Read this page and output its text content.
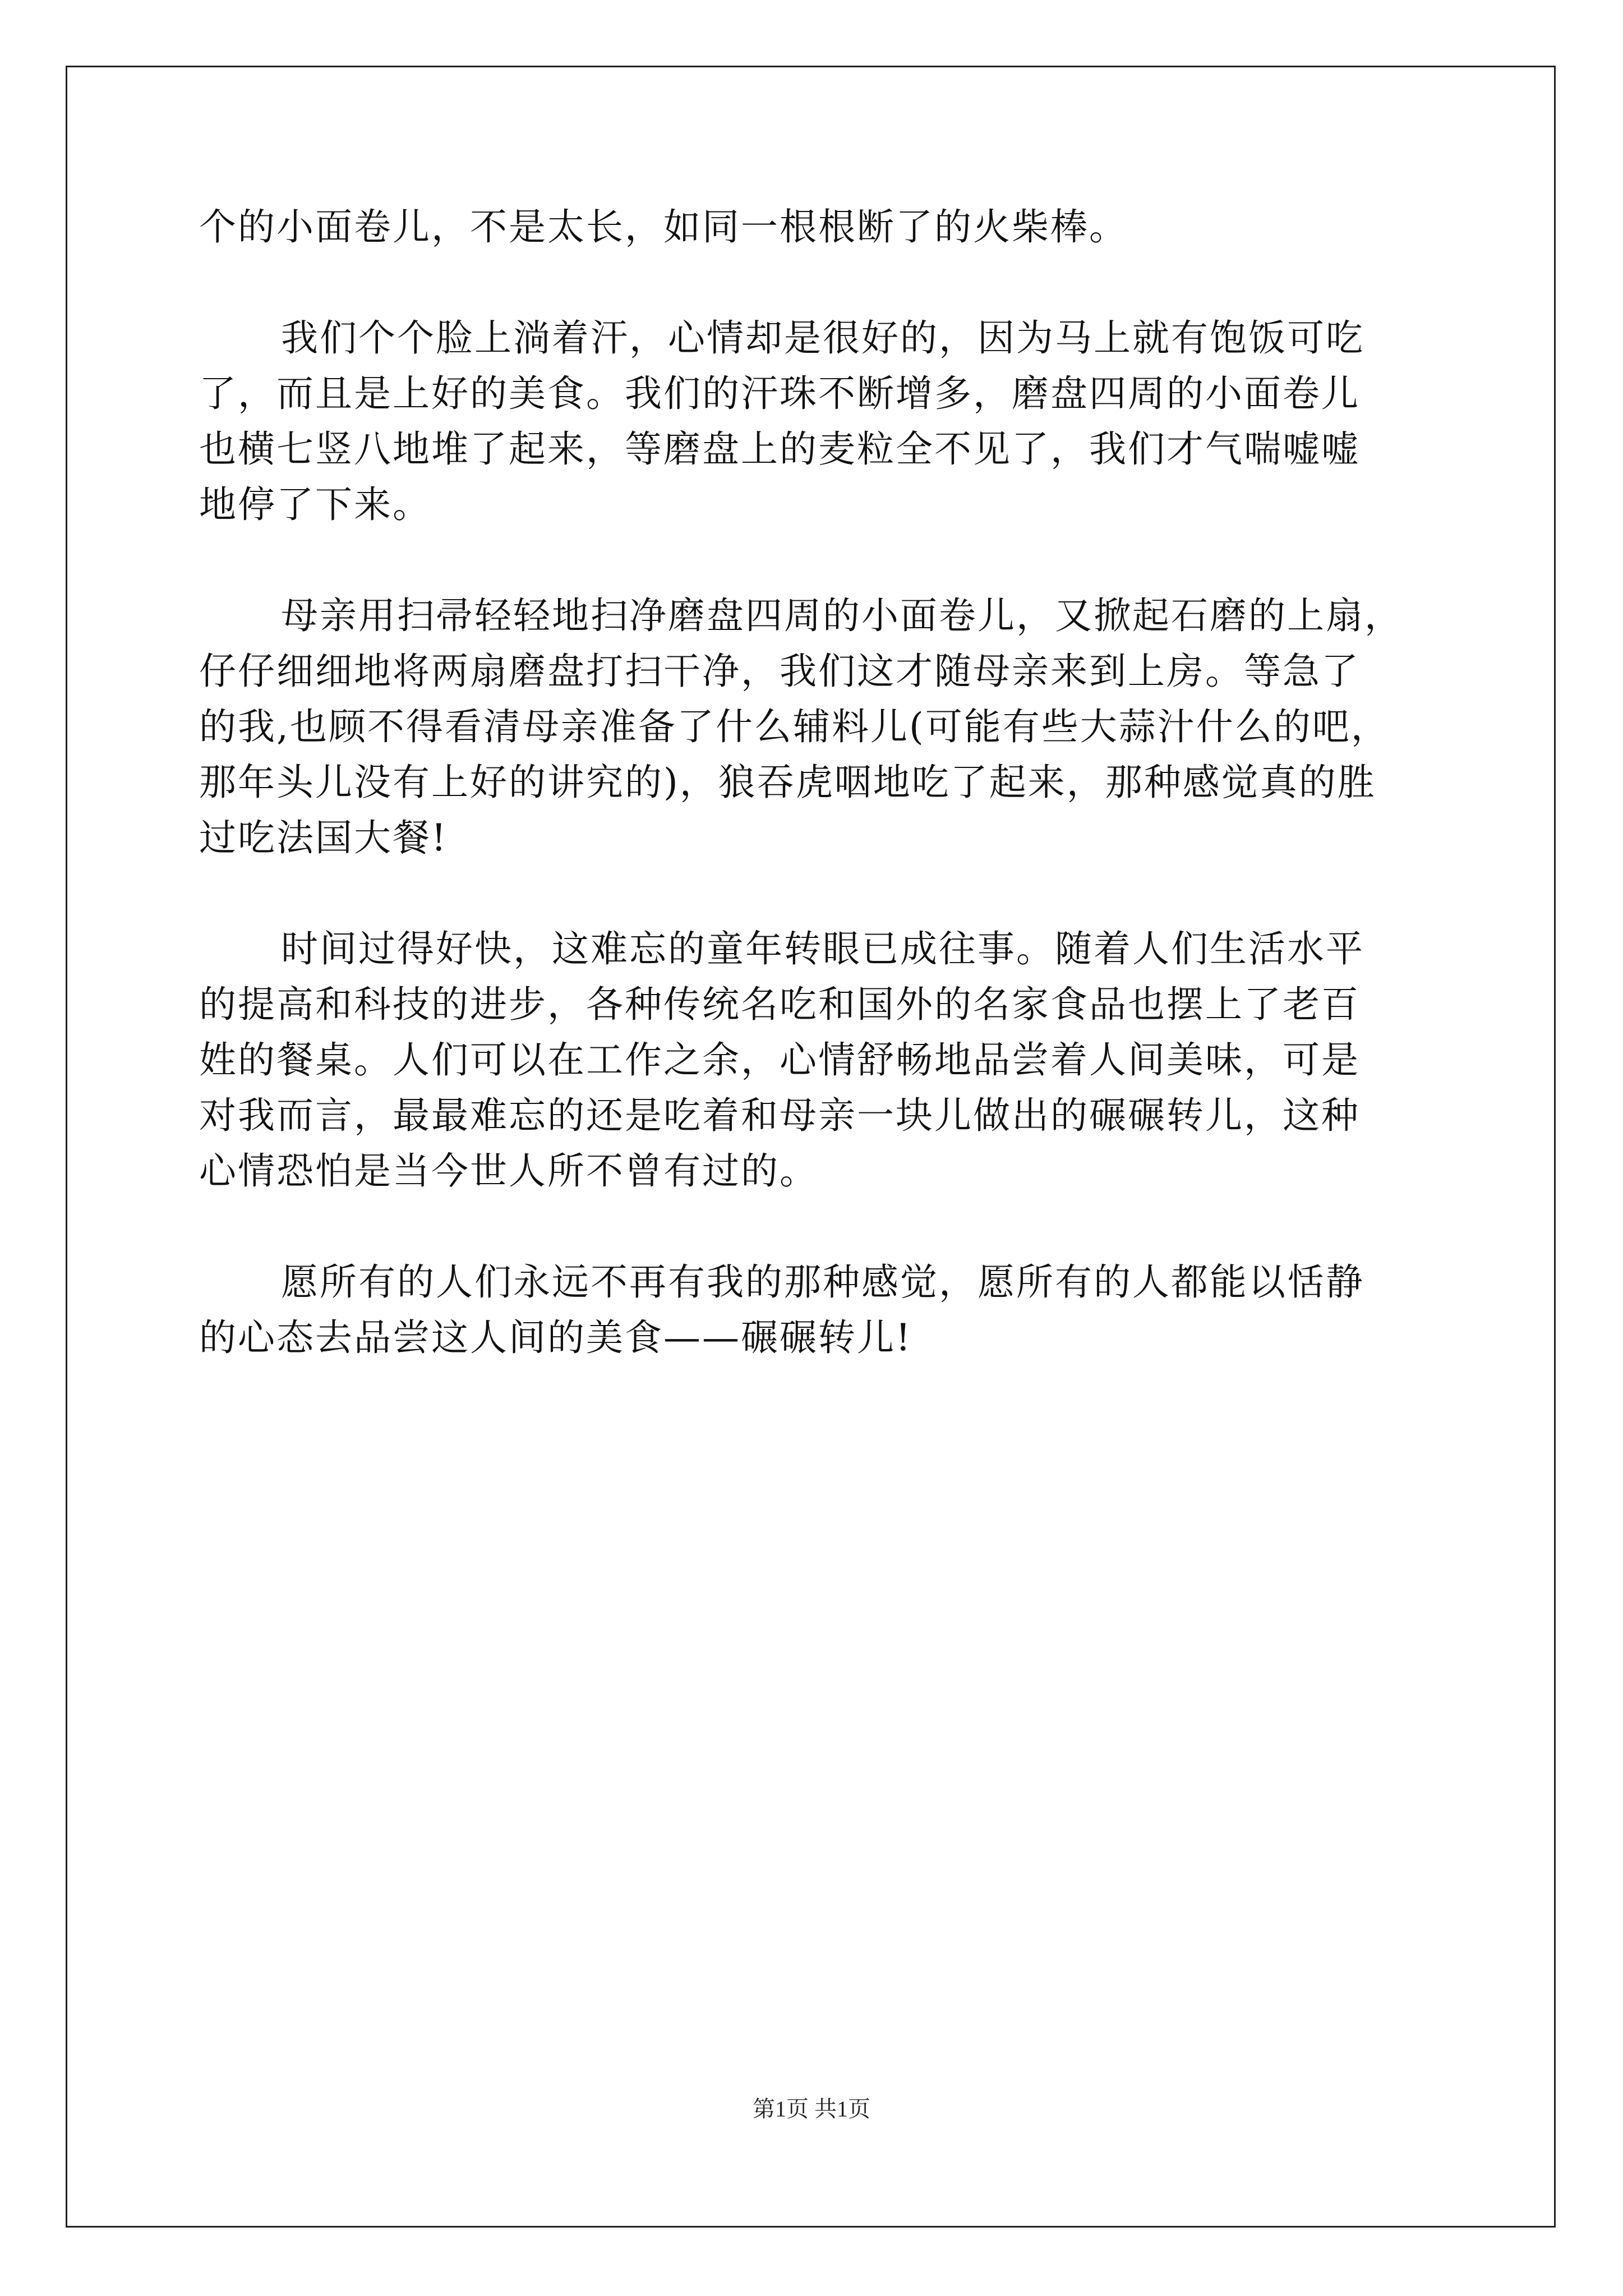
个的小面卷儿，不是太长，如同一根根断了的火柴棒。
我们个个脸上淌着汗，心情却是很好的，因为马上就有饱饭可吃
了，而且是上好的美食。我们的汗珠不断增多，磨盘四周的小面卷儿
也横七竖八地堆了起来，等磨盘上的麦粒全不见了，我们才气喘嘘嘘
地停了下来。
母亲用扫帚轻轻地扫净磨盘四周的小面卷儿，又掀起石磨的上扇，
仔仔细细地将两扇磨盘打扫干净，我们这才随母亲来到上房。等急了
的我,也顾不得看清母亲准备了什么辅料儿(可能有些大蒜汁什么的吧，
那年头儿没有上好的讲究的)，狼吞虎咽地吃了起来，那种感觉真的胜
过吃法国大餐!
时间过得好快，这难忘的童年转眼已成往事。随着人们生活水平
的提高和科技的进步，各种传统名吃和国外的名家食品也摆上了老百
姓的餐桌。人们可以在工作之余，心情舒畅地品尝着人间美味，可是
对我而言，最最难忘的还是吃着和母亲一块儿做出的碾碾转儿，这种
心情恐怕是当今世人所不曾有过的。
愿所有的人们永远不再有我的那种感觉，愿所有的人都能以恬静
的心态去品尝这人间的美食——碾碾转儿!
第1页 共1页
